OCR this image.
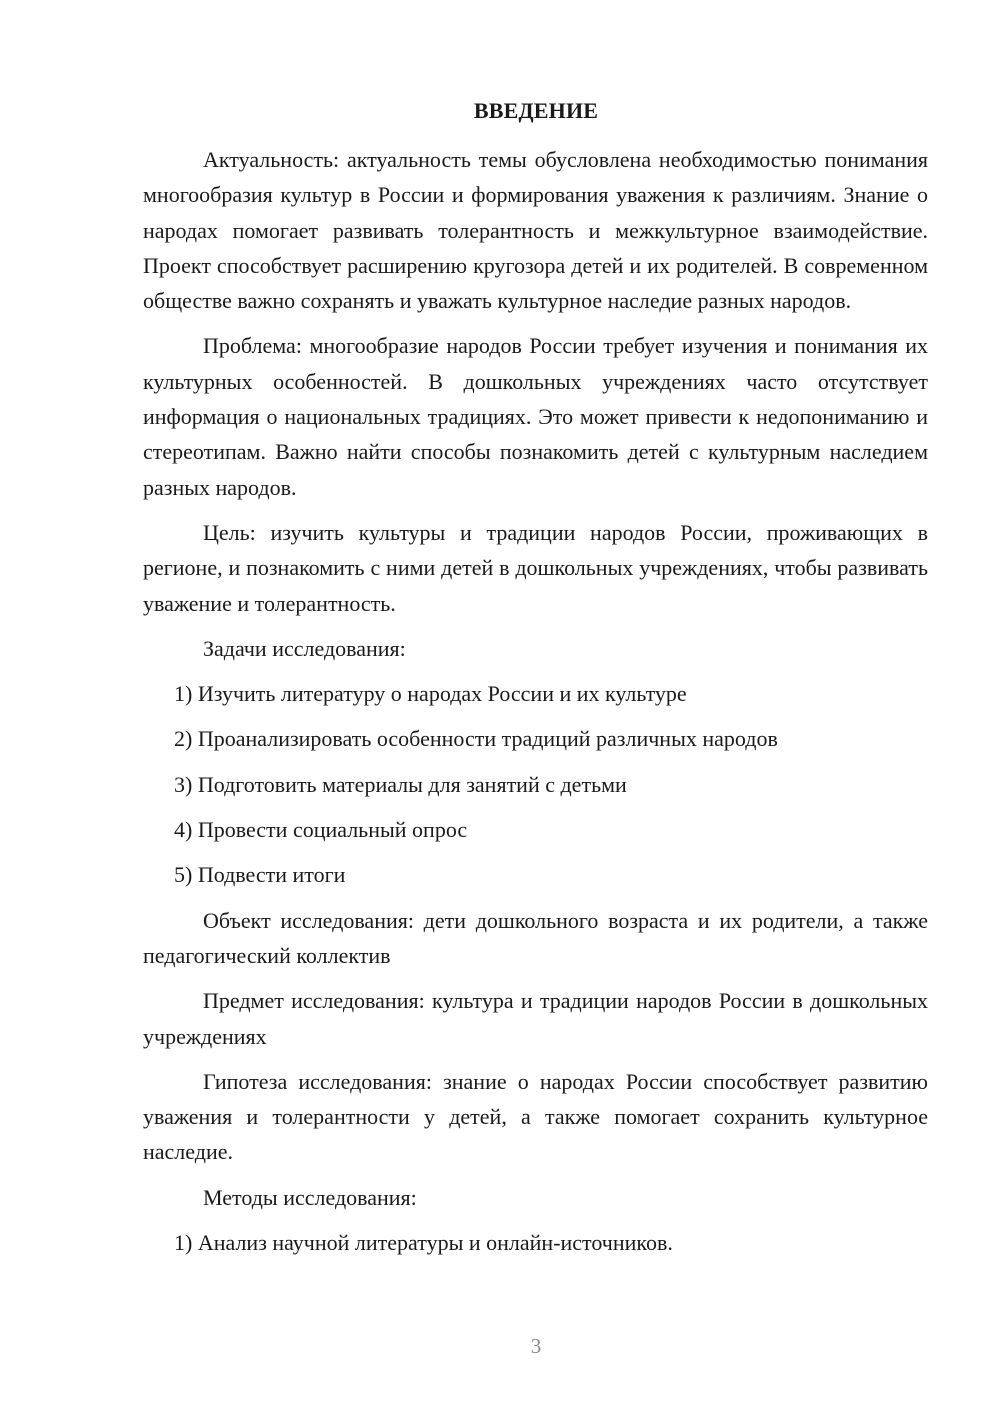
ВВЕДЕНИЕ

Актуальность: актуальность темы обусловлена необходимостью понимания многообразия культур в России и формирования уважения к различиям. Знание о народах помогает развивать толерантность и межкультурное взаимодействие. Проект способствует расширению кругозора детей и их родителей. В современном обществе важно сохранять и уважать культурное наследие разных народов.

Проблема: многообразие народов России требует изучения и понимания их культурных особенностей. В дошкольных учреждениях часто отсутствует информация о национальных традициях. Это может привести к недопониманию и стереотипам. Важно найти способы познакомить детей с культурным наследием разных народов.

Цель: изучить культуры и традиции народов России, проживающих в регионе, и познакомить с ними детей в дошкольных учреждениях, чтобы развивать уважение и толерантность.

Задачи исследования:

1) Изучить литературу о народах России и их культуре
2) Проанализировать особенности традиций различных народов
3) Подготовить материалы для занятий с детьми
4) Провести социальный опрос
5) Подвести итоги

Объект исследования: дети дошкольного возраста и их родители, а также педагогический коллектив

Предмет исследования: культура и традиции народов России в дошкольных учреждениях

Гипотеза исследования: знание о народах России способствует развитию уважения и толерантности у детей, а также помогает сохранить культурное наследие.

Методы исследования:

1) Анализ научной литературы и онлайн-источников.
3
